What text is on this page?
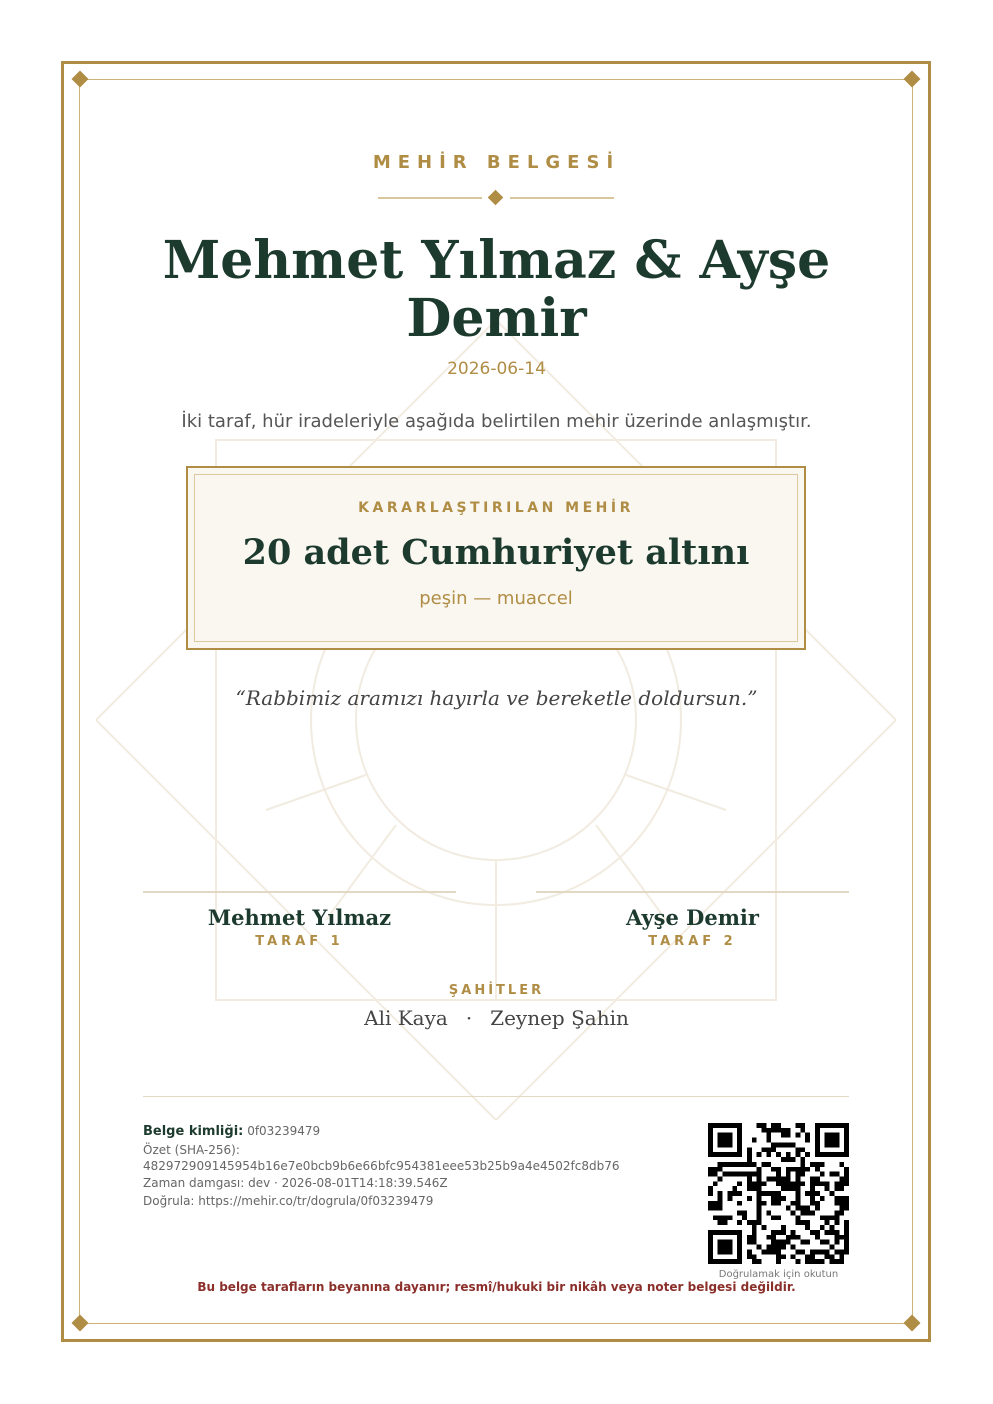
MEHİR BELGESİ
Mehmet Yılmaz & Ayşe Demir
2026-06-14
İki taraf, hür iradeleriyle aşağıda belirtilen mehir üzerinde anlaşmıştır.
KARARLAŞTIRILAN MEHİR
20 adet Cumhuriyet altını
peşin — muaccel
“Rabbimiz aramızı hayırla ve bereketle doldursun.”
Mehmet Yılmaz
TARAF 1
Ayşe Demir
TARAF 2
ŞAHİTLER
Ali Kaya · Zeynep Şahin
Belge kimliği: 0f03239479
Özet (SHA-256):
482972909145954b16e7e0bcb9b6e66bfc954381eee53b25b9a4e4502fc8db76
Zaman damgası: dev · 2026-08-01T14:18:39.546Z
Doğrula: https://mehir.co/tr/dogrula/0f03239479
Doğrulamak için okutun
Bu belge tarafların beyanına dayanır; resmî/hukuki bir nikâh veya noter belgesi değildir.
